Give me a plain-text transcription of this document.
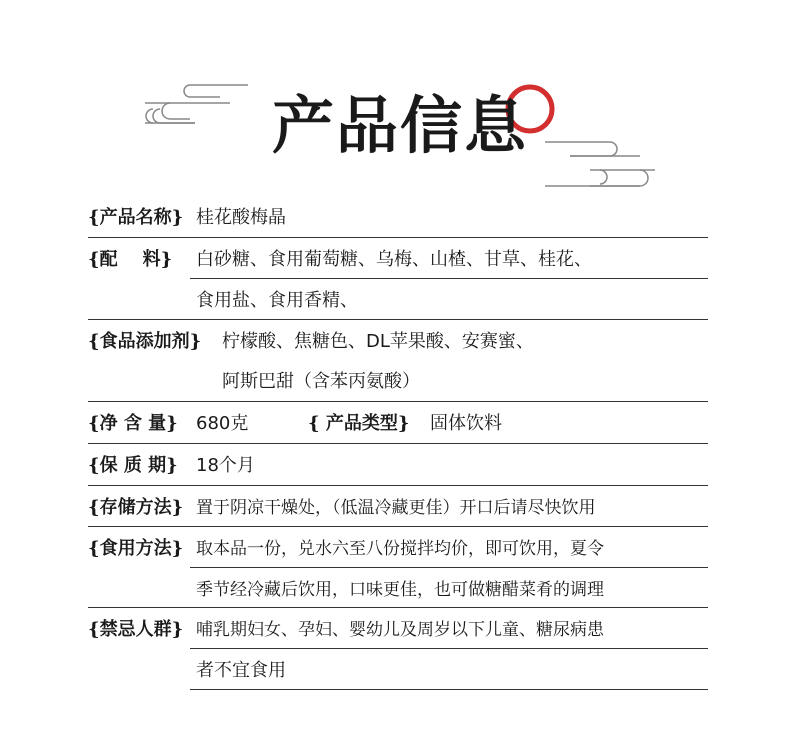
产品信息
{产品名称} 桂花酸梅晶
{配    料} 白砂糖、食用葡萄糖、乌梅、山楂、甘草、桂花、
食用盐、食用香精、
{食品添加剂} 柠檬酸、焦糖色、DL苹果酸、安赛蜜、
阿斯巴甜（含苯丙氨酸）
{净 含 量} 680克	{ 产品类型} 固体饮料
{保 质 期} 18个月
{存储方法} 置于阴凉干燥处，（低温冷藏更佳）开口后请尽快饮用
{食用方法} 取本品一份，兑水六至八份搅拌均价，即可饮用，夏令
季节经冷藏后饮用，口味更佳，也可做糖醋菜肴的调理
{禁忌人群} 哺乳期妇女、孕妇、婴幼儿及周岁以下儿童、糖尿病患
者不宜食用
